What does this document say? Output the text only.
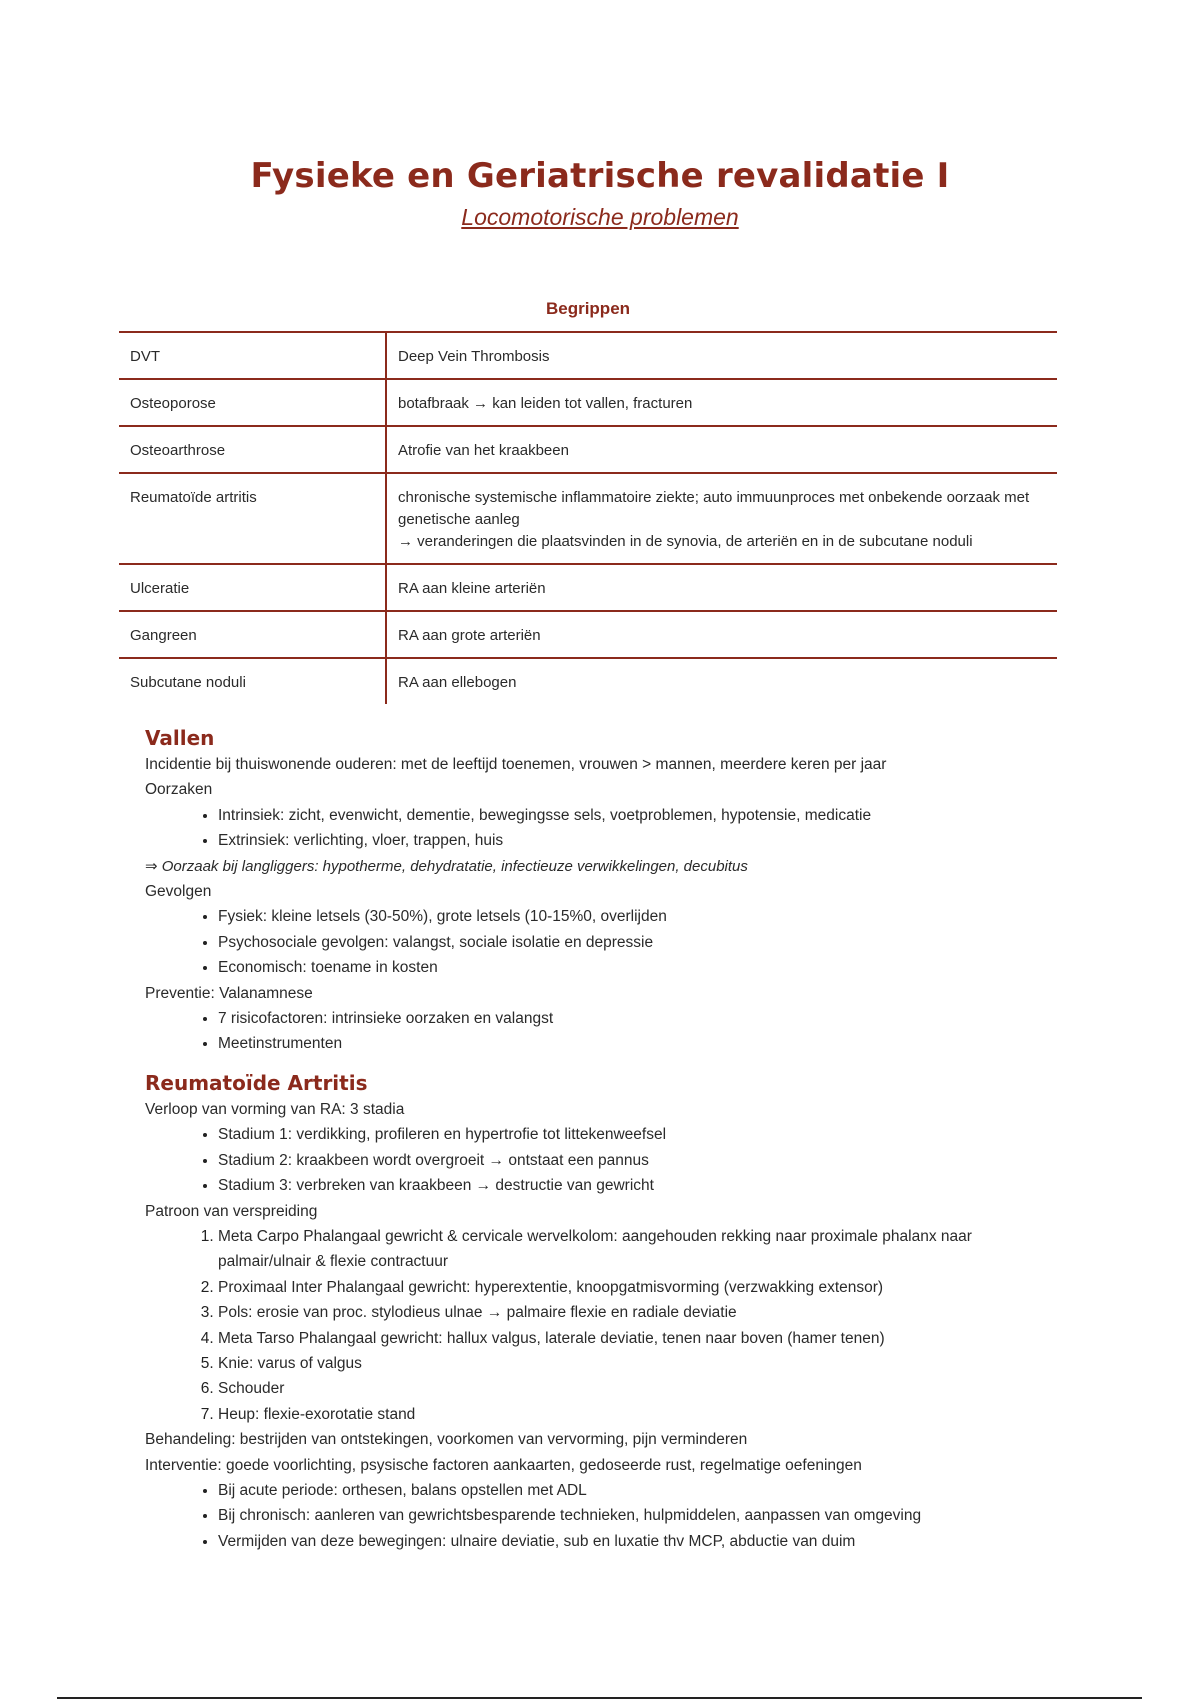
Fysieke en Geriatrische revalidatie I
Locomotorische problemen
Begrippen
DVT	Deep Vein Thrombosis
Osteoporose	botafbraak → kan leiden tot vallen, fracturen
Osteoarthrose	Atrofie van het kraakbeen
Reumatoïde artritis	chronische systemische inflammatoire ziekte; auto immuunproces met onbekende oorzaak met genetische aanleg
→ veranderingen die plaatsvinden in de synovia, de arteriën en in de subcutane noduli

Ulceratie	RA aan kleine arteriën
Gangreen	RA aan grote arteriën
Subcutane noduli	RA aan ellebogen
Vallen

Incidentie bij thuiswonende ouderen: met de leeftijd toenemen, vrouwen > mannen, meerdere keren per jaar

Oorzaken

• Intrinsiek: zicht, evenwicht, dementie, bewegingsse sels, voetproblemen, hypotensie, medicatie
• Extrinsiek: verlichting, vloer, trappen, huis

⇒ Oorzaak bij langliggers: hypotherme, dehydratatie, infectieuze verwikkelingen, decubitus

Gevolgen

• Fysiek: kleine letsels (30-50%), grote letsels (10-15%0, overlijden
• Psychosociale gevolgen: valangst, sociale isolatie en depressie
• Economisch: toename in kosten

Preventie: Valanamnese

• 7 risicofactoren: intrinsieke oorzaken en valangst
• Meetinstrumenten
Reumatoïde Artritis

Verloop van vorming van RA: 3 stadia

• Stadium 1: verdikking, profileren en hypertrofie tot littekenweefsel
• Stadium 2: kraakbeen wordt overgroeit → ontstaat een pannus
• Stadium 3: verbreken van kraakbeen → destructie van gewricht

Patroon van verspreiding

1. Meta Carpo Phalangaal gewricht & cervicale wervelkolom: aangehouden rekking naar proximale phalanx naar palmair/ulnair & flexie contractuur
2. Proximaal Inter Phalangaal gewricht: hyperextentie, knoopgatmisvorming (verzwakking extensor)
3. Pols: erosie van proc. stylodieus ulnae → palmaire flexie en radiale deviatie
4. Meta Tarso Phalangaal gewricht: hallux valgus, laterale deviatie, tenen naar boven (hamer tenen)
5. Knie: varus of valgus
6. Schouder
7. Heup: flexie-exorotatie stand

Behandeling: bestrijden van ontstekingen, voorkomen van vervorming, pijn verminderen

Interventie: goede voorlichting, psysische factoren aankaarten, gedoseerde rust, regelmatige oefeningen

• Bij acute periode: orthesen, balans opstellen met ADL
• Bij chronisch: aanleren van gewrichtsbesparende technieken, hulpmiddelen, aanpassen van omgeving
• Vermijden van deze bewegingen: ulnaire deviatie, sub en luxatie thv MCP, abductie van duim
